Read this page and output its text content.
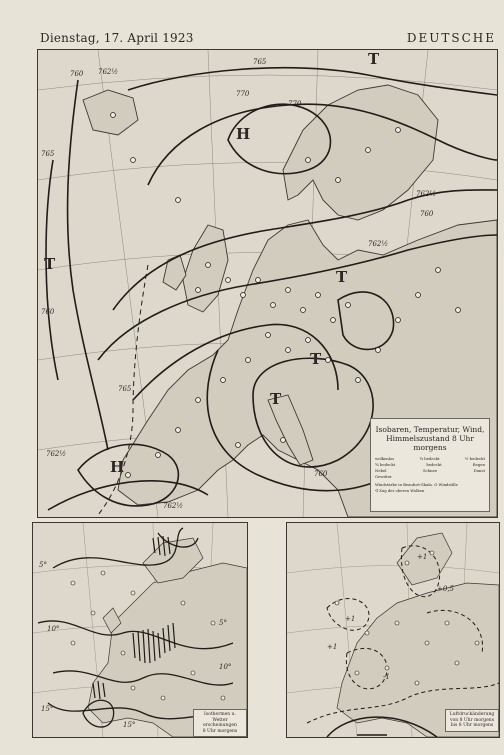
Dienstag, 17. April 1923	DEUTSCHE
760 762½
765
770
770
762½
760
762½
762½
765
760
760
765
762½
H
T
T
T
T
H
T
Isobaren, Temperatur, Wind, Himmelszustand 8 Uhr morgens
wolkenlos	¼ bedeckt	½ bedeckt
¾ bedeckt	bedeckt	Regen
Nebel	Schnee	Dunst
Gewitter
Windstärke in Beaufort-Skala. O Windstille
ᐊ Zug der oberen Wolken
5°
10°
5°
10°
15°
15°
Isothermen u. Wetter
erscheinungen
8 Uhr morgens
+0,5
+1
-1
+1
+1
Luftdruckänderung
von 8 Uhr morgens
bis 8 Uhr morgens
